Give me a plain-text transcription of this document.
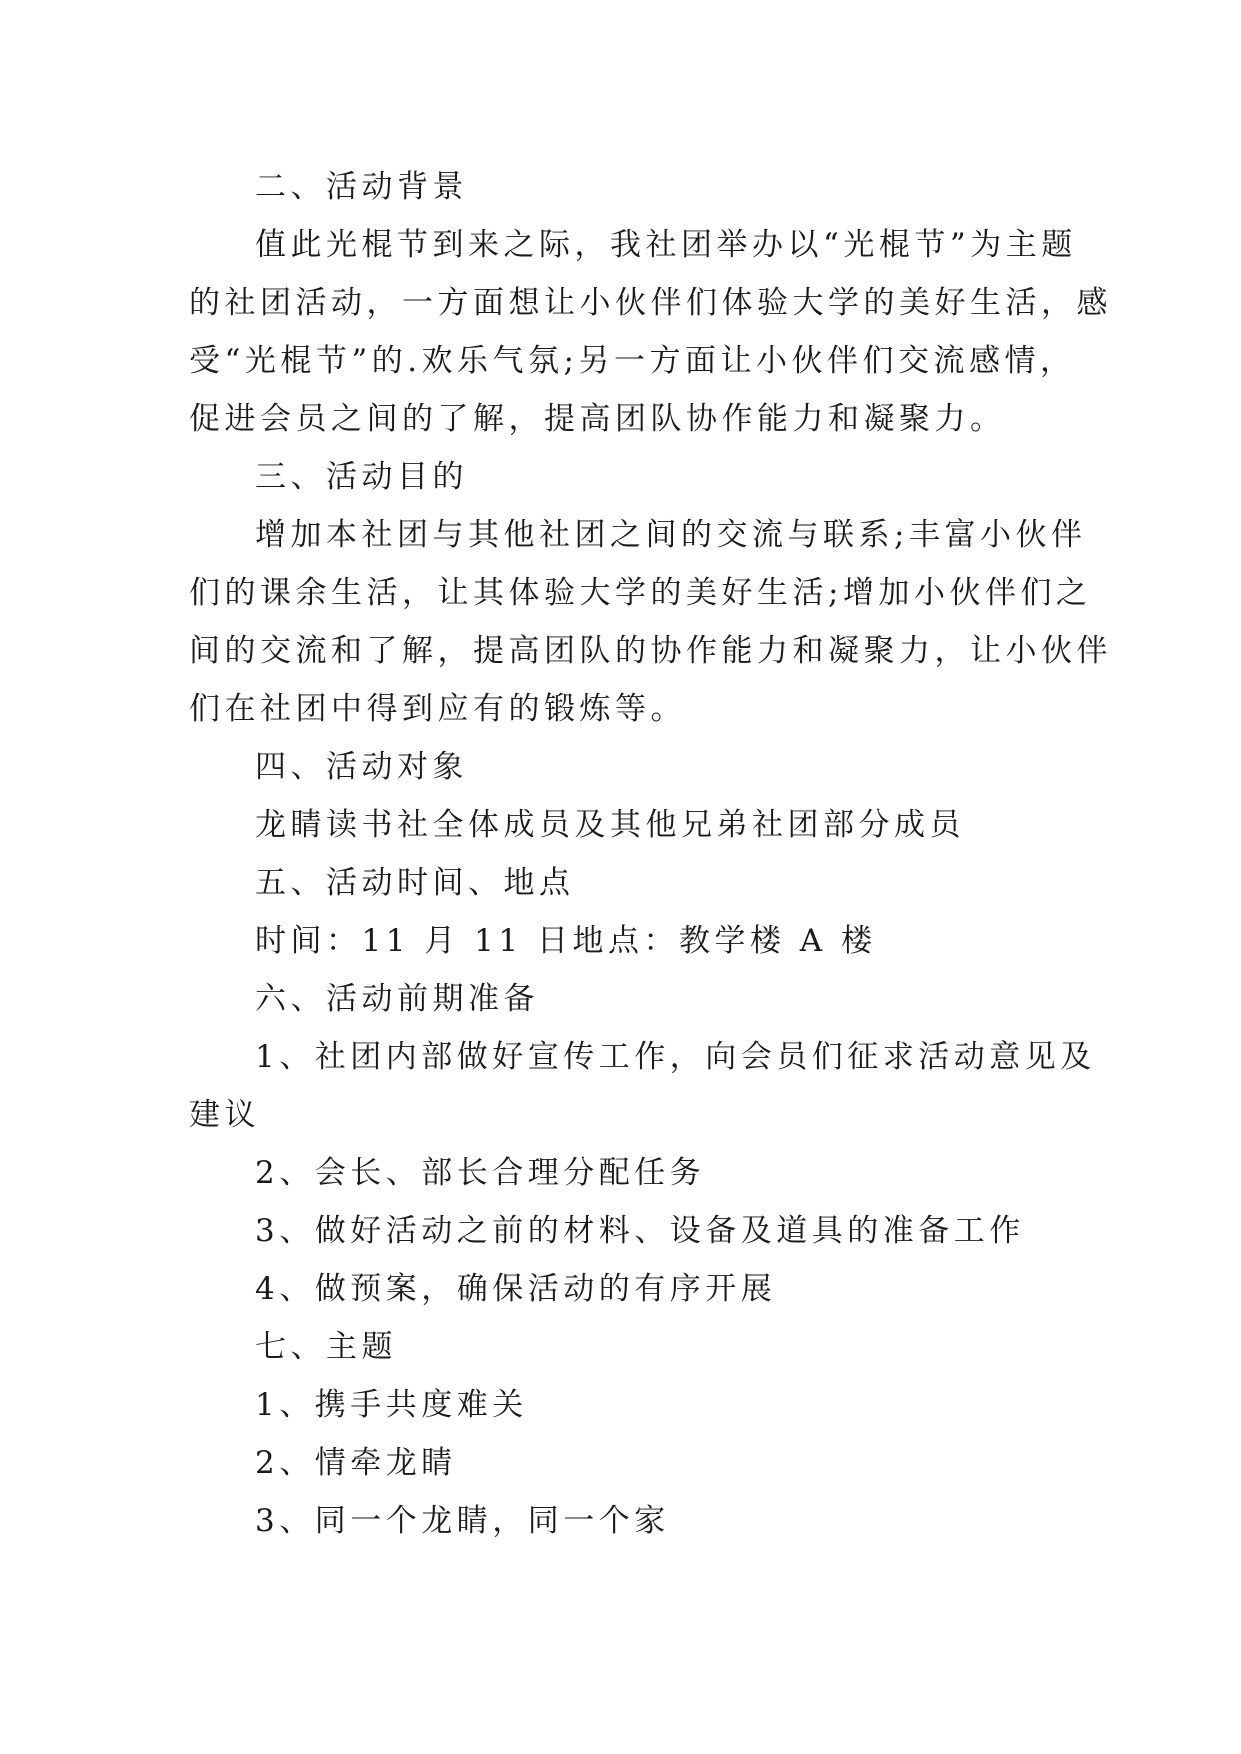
二、活动背景
值此光棍节到来之际，我社团举办以“光棍节”为主题
的社团活动，一方面想让小伙伴们体验大学的美好生活，感
受“光棍节”的.欢乐气氛;另一方面让小伙伴们交流感情，
促进会员之间的了解，提高团队协作能力和凝聚力。
三、活动目的
增加本社团与其他社团之间的交流与联系;丰富小伙伴
们的课余生活，让其体验大学的美好生活;增加小伙伴们之
间的交流和了解，提高团队的协作能力和凝聚力，让小伙伴
们在社团中得到应有的锻炼等。
四、活动对象
龙睛读书社全体成员及其他兄弟社团部分成员
五、活动时间、地点
时间：11 月 11 日地点：教学楼 A 楼
六、活动前期准备
1、社团内部做好宣传工作，向会员们征求活动意见及
建议
2、会长、部长合理分配任务
3、做好活动之前的材料、设备及道具的准备工作
4、做预案，确保活动的有序开展
七、主题
1、携手共度难关
2、情牵龙睛
3、同一个龙睛，同一个家
